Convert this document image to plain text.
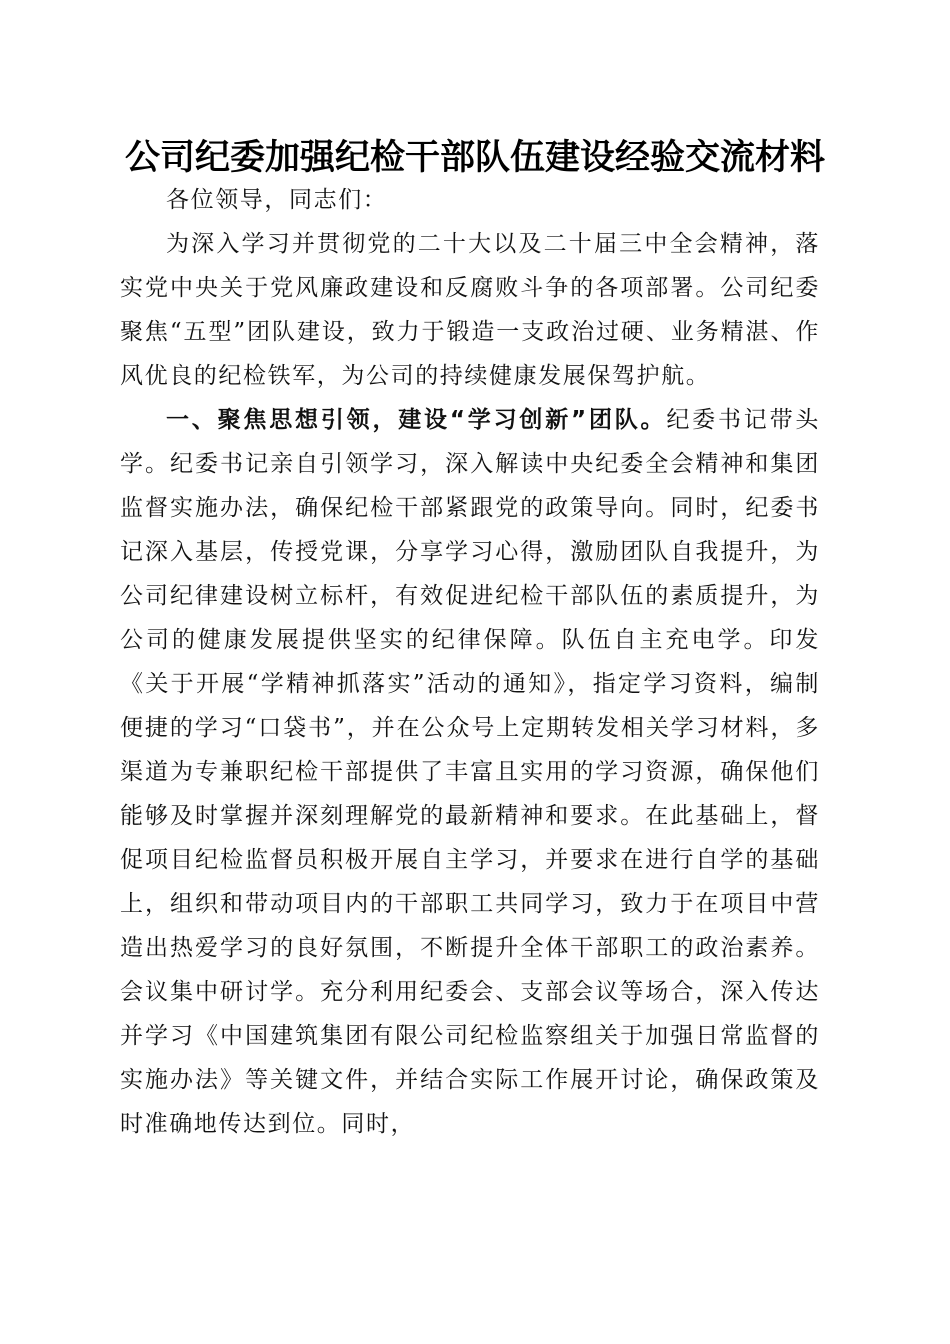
公司纪委加强纪检干部队伍建设经验交流材料

各位领导，同志们：

为深入学习并贯彻党的二十大以及二十届三中全会精神，落实党中央关于党风廉政建设和反腐败斗争的各项部署。公司纪委聚焦“五型”团队建设，致力于锻造一支政治过硬、业务精湛、作风优良的纪检铁军，为公司的持续健康发展保驾护航。

一、聚焦思想引领，建设“学习创新”团队。纪委书记带头学。纪委书记亲自引领学习，深入解读中央纪委全会精神和集团监督实施办法，确保纪检干部紧跟党的政策导向。同时，纪委书记深入基层，传授党课，分享学习心得，激励团队自我提升，为公司纪律建设树立标杆，有效促进纪检干部队伍的素质提升，为公司的健康发展提供坚实的纪律保障。队伍自主充电学。印发《关于开展“学精神抓落实”活动的通知》，指定学习资料，编制便捷的学习“口袋书”，并在公众号上定期转发相关学习材料，多渠道为专兼职纪检干部提供了丰富且实用的学习资源，确保他们能够及时掌握并深刻理解党的最新精神和要求。在此基础上，督促项目纪检监督员积极开展自主学习，并要求在进行自学的基础上，组织和带动项目内的干部职工共同学习，致力于在项目中营造出热爱学习的良好氛围，不断提升全体干部职工的政治素养。会议集中研讨学。充分利用纪委会、支部会议等场合，深入传达并学习《中国建筑集团有限公司纪检监察组关于加强日常监督的实施办法》等关键文件，并结合实际工作展开讨论，确保政策及时准确地传达到位。同时，
